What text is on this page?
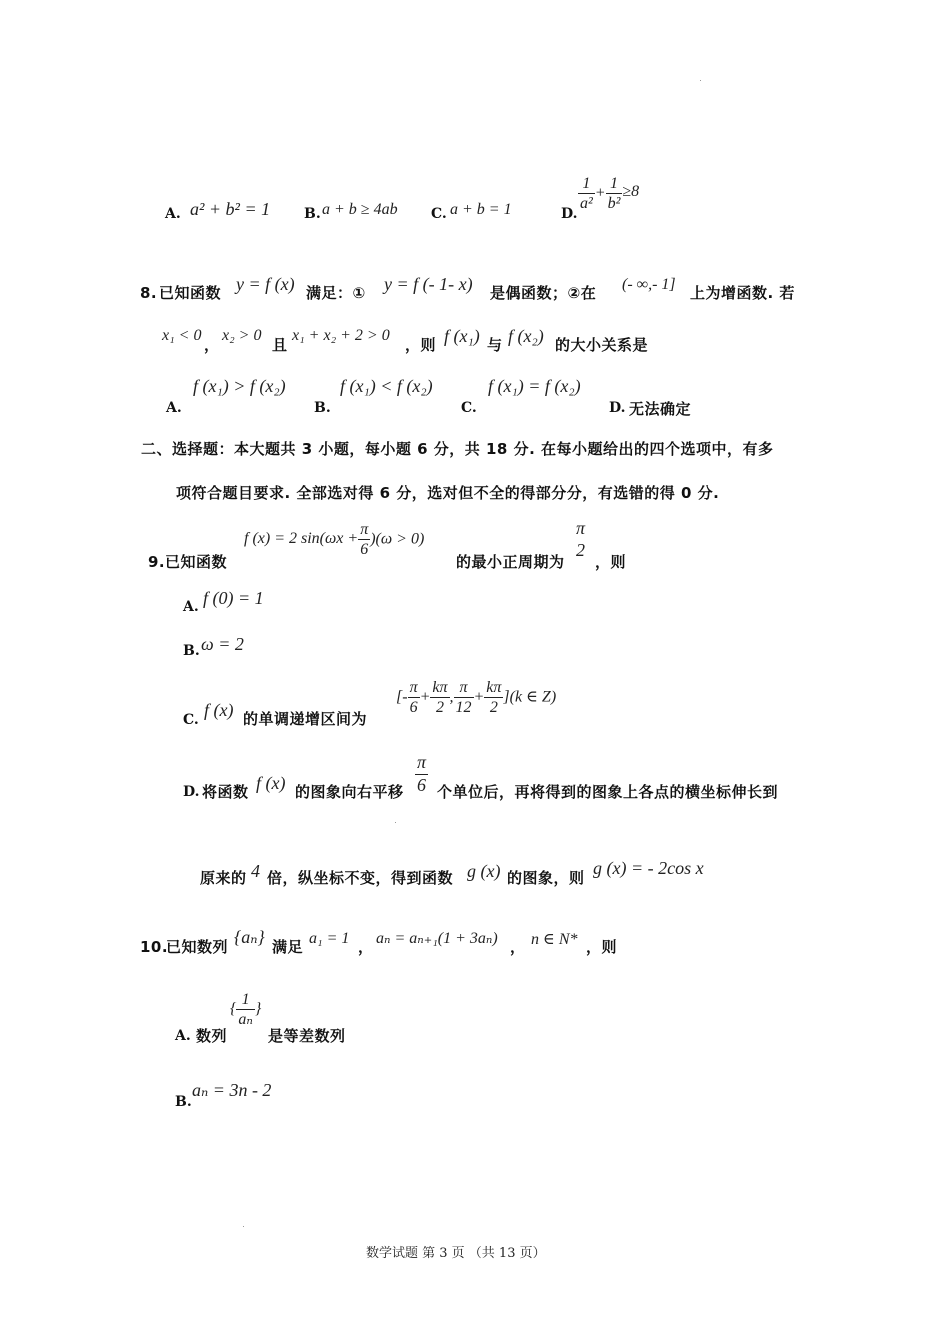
A. a² + b² = 1 B. a + b ≥ 4ab C. a + b = 1	D.
$\frac{1}{\text{a²}} + \frac{1}{\text{b²}} \ge 8$
8. 已知函数 y = f (x) 满足：① y = f (- 1- x) 是偶函数；②在 (- ∞,- 1] 上为增函数. 若
x₁ < 0
，
x₂ > 0
且
x₁ + x₂ + 2 > 0
，则 f (x₁) 与 f (x₂) 的大小关系是
f (x₁) > f (x₂)
A.
f (x₁) < f (x₂)
B.
f (x₁) = f (x₂)
C.	D. 无法确定
二、选择题：本大题共 3 小题，每小题 6 分，共 18 分. 在每小题给出的四个选项中，有多
项符合题目要求. 全部选对得 6 分，选对但不全的得部分分，有选错的得 0 分.
9. 已知函数
f (x) = 2 $\sin(\omega x + \frac{\pi}{6} )(\omega > 0)$
的最小正周期为
π
2
，则
A. f (0) = 1
B. ω = 2
C. f (x) 的单调递增区间为
[- $\frac{\pi}{6} + \frac{k\pi}{2}$ , $\frac{\pi}{12} + \frac{k\pi}{2} ](k$ ∈ Z)
D. 将函数 f (x) 的图象向右平移 $\frac{\pi}{6}$ 个单位后，再将得到的图象上各点的横坐标伸长到
原来的 4 倍，纵坐标不变，得到函数 g (x) 的图象，则 g (x) = - 2cos x
10.
已知数列 {aₙ} 满足 a₁ = 1 ， aₙ = aₙ₊₁(1 + 3aₙ) ， n ∈ N* ，则
A. 数列
{ $\frac{1}{\text{aₙ}}$ }
是等差数列
B.
aₙ = 3n - 2
数学试题 第 3 页 （共 13 页）
